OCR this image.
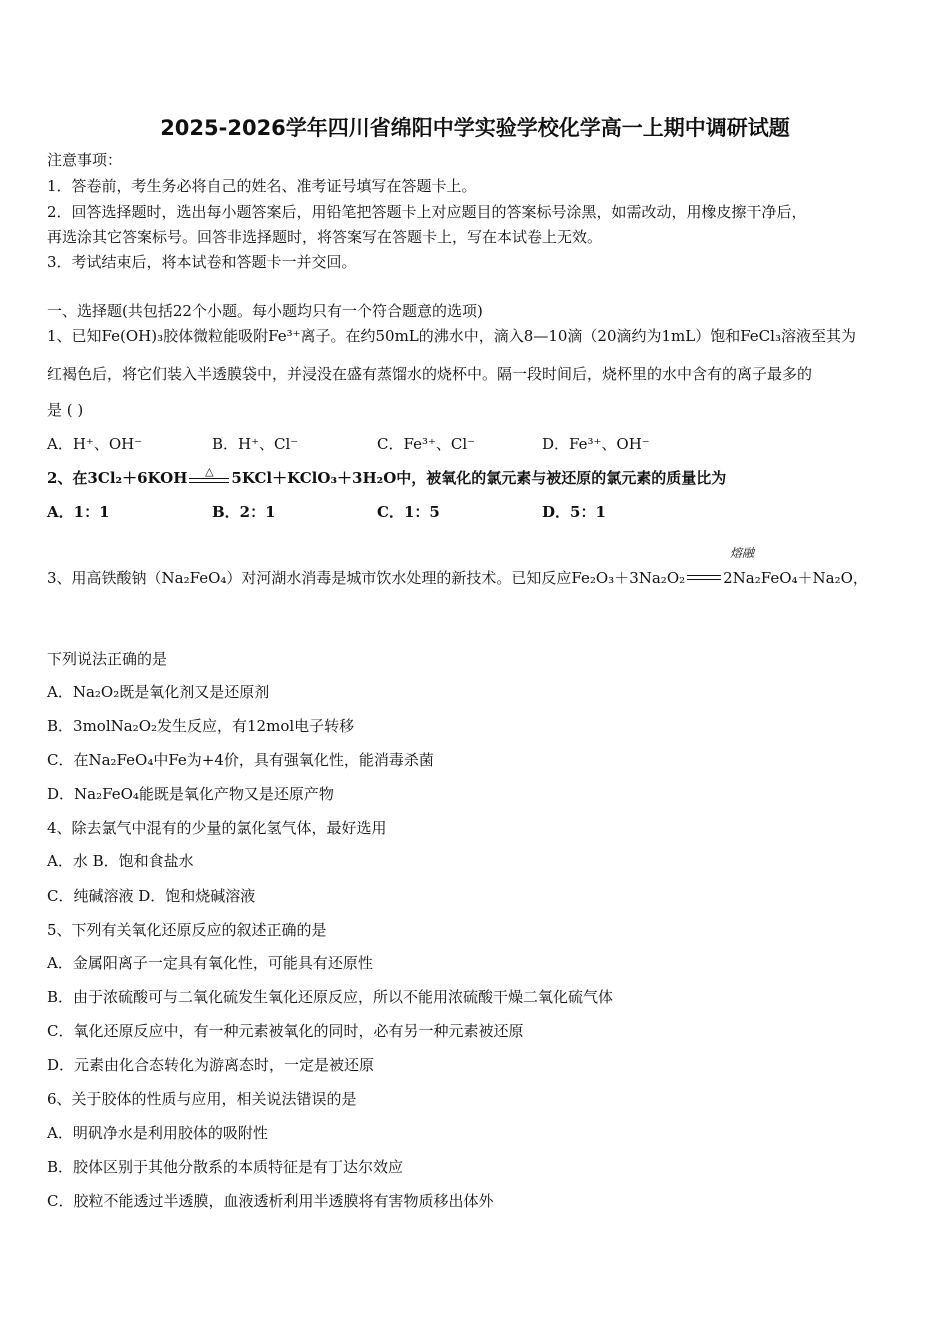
2025-2026学年四川省绵阳中学实验学校化学高一上期中调研试题
注意事项：
1．答卷前，考生务必将自己的姓名、准考证号填写在答题卡上。
2．回答选择题时，选出每小题答案后，用铅笔把答题卡上对应题目的答案标号涂黑，如需改动，用橡皮擦干净后，
再选涂其它答案标号。回答非选择题时，将答案写在答题卡上，写在本试卷上无效。
3．考试结束后，将本试卷和答题卡一并交回。
一、选择题(共包括22个小题。每小题均只有一个符合题意的选项)
1、已知Fe(OH)₃胶体微粒能吸附Fe³⁺离子。在约50mL的沸水中，滴入8—10滴（20滴约为1mL）饱和FeCl₃溶液至其为
红褐色后，将它们装入半透膜袋中，并浸没在盛有蒸馏水的烧杯中。隔一段时间后，烧杯里的水中含有的离子最多的
是 ( )
A．H⁺、OH⁻	B．H⁺、Cl⁻	C．Fe³⁺、Cl⁻	D．Fe³⁺、OH⁻
2、在3Cl₂＋6KOH	△	5KCl＋KClO₃＋3H₂O中，被氧化的氯元素与被还原的氯元素的质量比为
A．1：1	B．2：1	C．1：5	D．5：1
熔融
3、用高铁酸钠（Na₂FeO₄）对河湖水消毒是城市饮水处理的新技术。已知反应Fe₂O₃＋3Na₂O₂	2Na₂FeO₄＋Na₂O，
下列说法正确的是
A．Na₂O₂既是氧化剂又是还原剂
B．3molNa₂O₂发生反应，有12mol电子转移
C．在Na₂FeO₄中Fe为+4价，具有强氧化性，能消毒杀菌
D．Na₂FeO₄能既是氧化产物又是还原产物
4、除去氯气中混有的少量的氯化氢气体，最好选用
A．水 B．饱和食盐水
C．纯碱溶液 D．饱和烧碱溶液
5、下列有关氧化还原反应的叙述正确的是
A．金属阳离子一定具有氧化性，可能具有还原性
B．由于浓硫酸可与二氧化硫发生氧化还原反应，所以不能用浓硫酸干燥二氧化硫气体
C．氧化还原反应中，有一种元素被氧化的同时，必有另一种元素被还原
D．元素由化合态转化为游离态时，一定是被还原
6、关于胶体的性质与应用，相关说法错误的是
A．明矾净水是利用胶体的吸附性
B．胶体区别于其他分散系的本质特征是有丁达尔效应
C．胶粒不能透过半透膜，血液透析利用半透膜将有害物质移出体外
